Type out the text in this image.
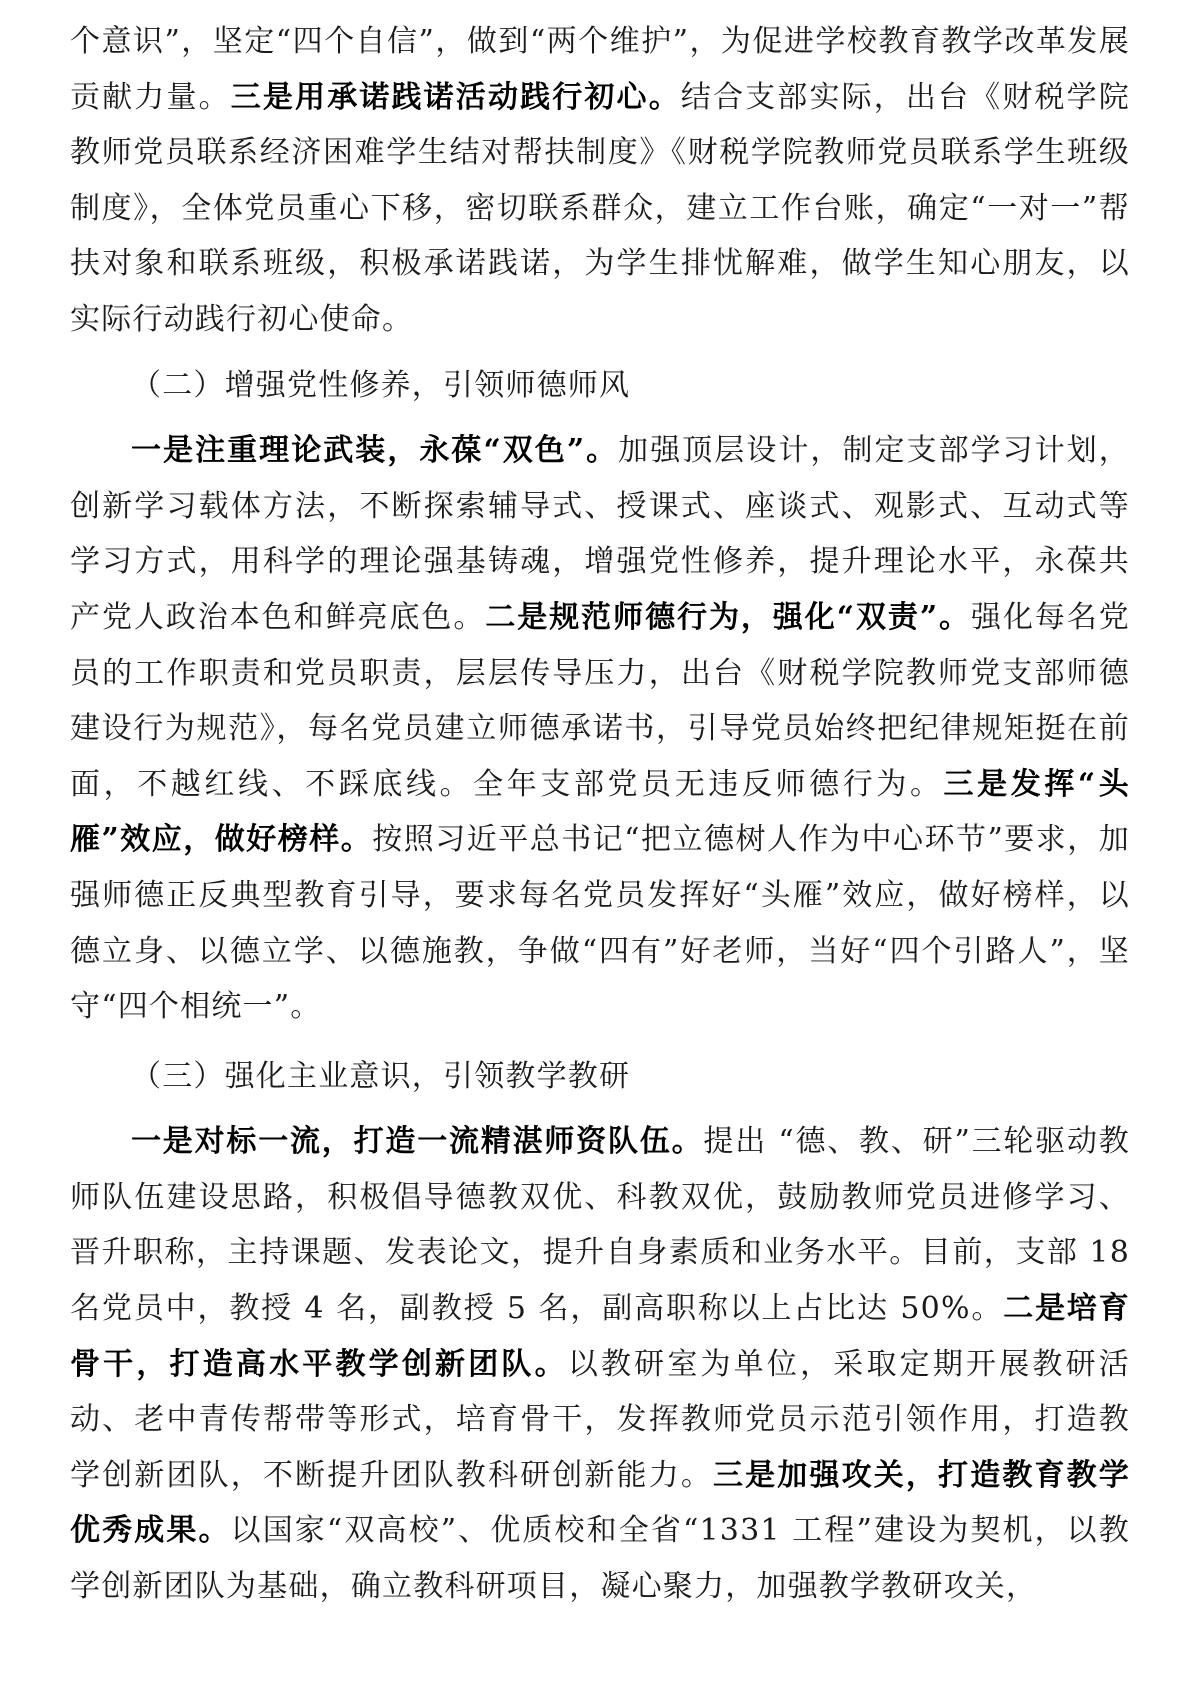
个意识”，坚定“四个自信”，做到“两个维护”，为促进学校教育教学改革发展贡献力量。三是用承诺践诺活动践行初心。结合支部实际，出台《财税学院教师党员联系经济困难学生结对帮扶制度》《财税学院教师党员联系学生班级制度》，全体党员重心下移，密切联系群众，建立工作台账，确定“一对一”帮扶对象和联系班级，积极承诺践诺，为学生排忧解难，做学生知心朋友，以实际行动践行初心使命。

（二）增强党性修养，引领师德师风

一是注重理论武装，永葆“双色”。加强顶层设计，制定支部学习计划，创新学习载体方法，不断探索辅导式、授课式、座谈式、观影式、互动式等学习方式，用科学的理论强基铸魂，增强党性修养，提升理论水平，永葆共产党人政治本色和鲜亮底色。二是规范师德行为，强化“双责”。强化每名党员的工作职责和党员职责，层层传导压力，出台《财税学院教师党支部师德建设行为规范》，每名党员建立师德承诺书，引导党员始终把纪律规矩挺在前面，不越红线、不踩底线。全年支部党员无违反师德行为。三是发挥“头雁”效应，做好榜样。按照习近平总书记“把立德树人作为中心环节”要求，加强师德正反典型教育引导，要求每名党员发挥好“头雁”效应，做好榜样，以德立身、以德立学、以德施教，争做“四有”好老师，当好“四个引路人”，坚守“四个相统一”。

（三）强化主业意识，引领教学教研

一是对标一流，打造一流精湛师资队伍。提出 “德、教、研”三轮驱动教师队伍建设思路，积极倡导德教双优、科教双优，鼓励教师党员进修学习、晋升职称，主持课题、发表论文，提升自身素质和业务水平。目前，支部 18 名党员中，教授 4 名，副教授 5 名，副高职称以上占比达 50%。二是培育骨干，打造高水平教学创新团队。以教研室为单位，采取定期开展教研活动、老中青传帮带等形式，培育骨干，发挥教师党员示范引领作用，打造教学创新团队，不断提升团队教科研创新能力。三是加强攻关，打造教育教学优秀成果。以国家“双高校”、优质校和全省“1331 工程”建设为契机，以教学创新团队为基础，确立教科研项目，凝心聚力，加强教学教研攻关，
